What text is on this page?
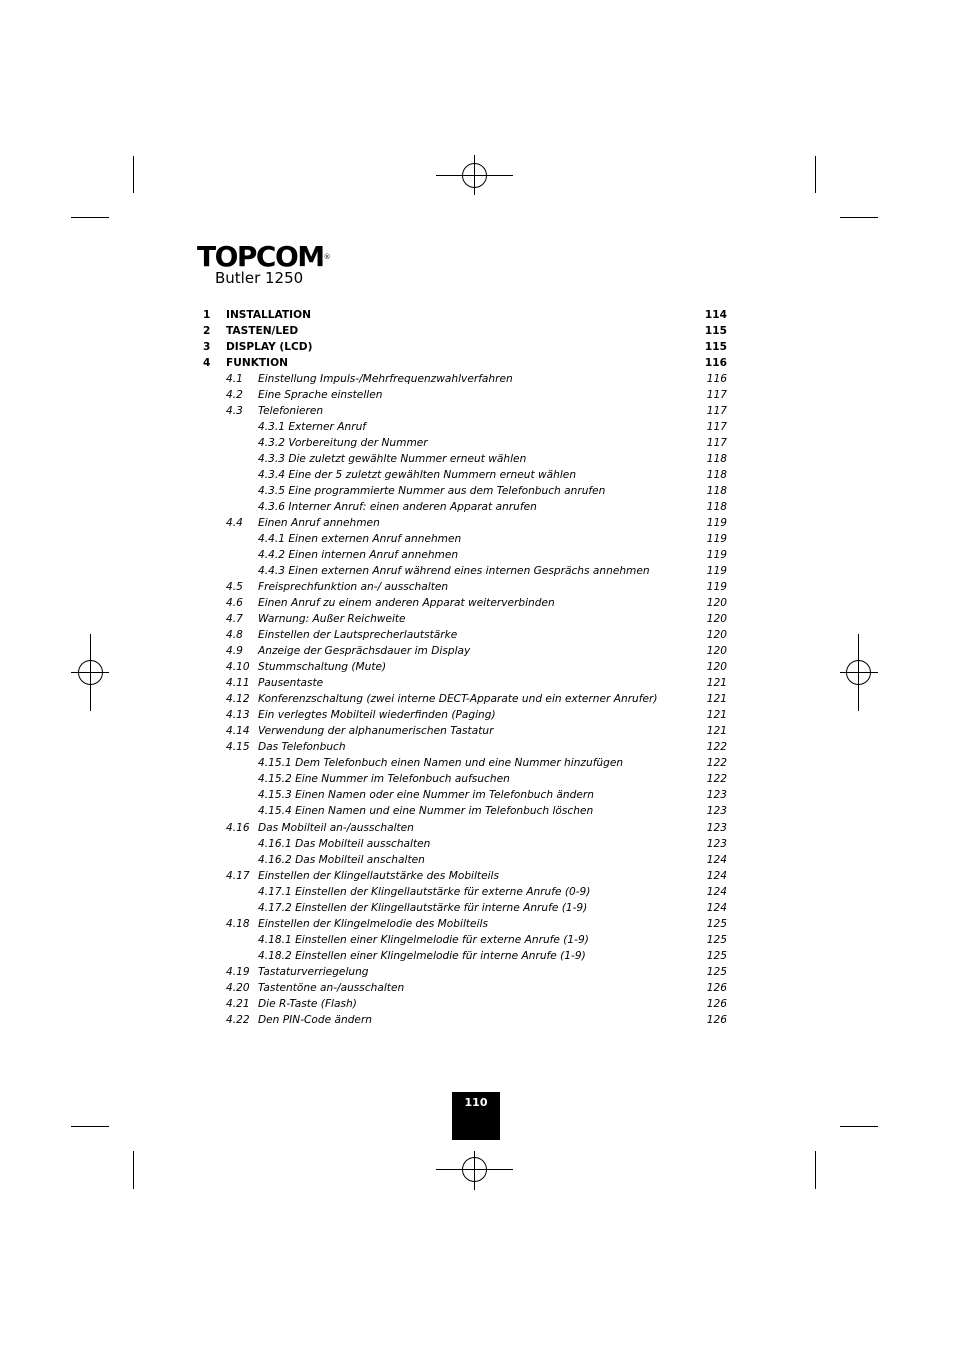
TOPCOM®
Butler 1250
1 INSTALLATION	114
2 TASTEN/LED	115
3 DISPLAY (LCD)	115
4 FUNKTION	116
4.1 Einstellung Impuls-/Mehrfrequenzwahlverfahren	116
4.2 Eine Sprache einstellen	117
4.3 Telefonieren	117
4.3.1 Externer Anruf	117
4.3.2 Vorbereitung der Nummer	117
4.3.3 Die zuletzt gewählte Nummer erneut wählen	118
4.3.4 Eine der 5 zuletzt gewählten Nummern erneut wählen	118
4.3.5 Eine programmierte Nummer aus dem Telefonbuch anrufen	118
4.3.6 Interner Anruf: einen anderen Apparat anrufen	118
4.4 Einen Anruf annehmen	119
4.4.1 Einen externen Anruf annehmen	119
4.4.2 Einen internen Anruf annehmen	119
4.4.3 Einen externen Anruf während eines internen Gesprächs annehmen	119
4.5 Freisprechfunktion an-/ ausschalten	119
4.6 Einen Anruf zu einem anderen Apparat weiterverbinden	120
4.7 Warnung: Außer Reichweite	120
4.8 Einstellen der Lautsprecherlautstärke	120
4.9 Anzeige der Gesprächsdauer im Display	120
4.10 Stummschaltung (Mute)	120
4.11 Pausentaste	121
4.12 Konferenzschaltung (zwei interne DECT-Apparate und ein externer Anrufer)	121
4.13 Ein verlegtes Mobilteil wiederfinden (Paging)	121
4.14 Verwendung der alphanumerischen Tastatur	121
4.15 Das Telefonbuch	122
4.15.1 Dem Telefonbuch einen Namen und eine Nummer hinzufügen	122
4.15.2 Eine Nummer im Telefonbuch aufsuchen	122
4.15.3 Einen Namen oder eine Nummer im Telefonbuch ändern	123
4.15.4 Einen Namen und eine Nummer im Telefonbuch löschen	123
4.16 Das Mobilteil an-/ausschalten	123
4.16.1 Das Mobilteil ausschalten	123
4.16.2 Das Mobilteil anschalten	124
4.17 Einstellen der Klingellautstärke des Mobilteils	124
4.17.1 Einstellen der Klingellautstärke für externe Anrufe (0-9)	124
4.17.2 Einstellen der Klingellautstärke für interne Anrufe (1-9)	124
4.18 Einstellen der Klingelmelodie des Mobilteils	125
4.18.1 Einstellen einer Klingelmelodie für externe Anrufe (1-9)	125
4.18.2 Einstellen einer Klingelmelodie für interne Anrufe (1-9)	125
4.19 Tastaturverriegelung	125
4.20 Tastentöne an-/ausschalten	126
4.21 Die R-Taste (Flash)	126
4.22 Den PIN-Code ändern	126
110
